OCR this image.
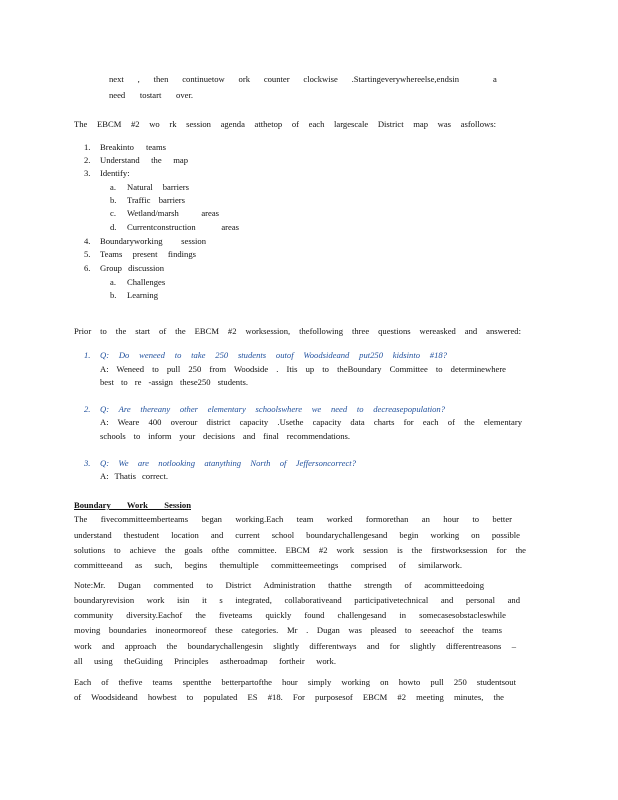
next , then continuetow ork counter clockwise .Startingeverywhereelse,endsin	a
need tostart over.
The EBCM #2 wo rk session agenda atthetop of each largescale District map was asfollows:
1. Breakinto teams
2. Understand the map
3. Identify:
a. Natural barriers
b. Traffic barriers
c. Wetland/marsh areas
d. Currentconstruction areas
4. Boundaryworking session
5. Teams present findings
6. Group discussion
a. Challenges
b. Learning
Prior to the start of the EBCM #2 worksession, thefollowing three questions wereasked and answered:
1. Q: Do weneed to take 250 students outof Woodsideand put250 kidsinto #18?
A: Weneed to pull 250 from Woodside . Itis up to theBoundary Committee to determinewhere
best to re -assign these250 students.
2. Q: Are thereany other elementary schoolswhere we need to decreasepopulation?
A: Weare 400 overour district capacity .Usethe capacity data charts for each of the elementary
schools to inform your decisions and final recommendations.
3. Q: We are notlooking atanything North of Jeffersoncorrect?
A: Thatis correct.
Boundary Work Session
The fivecommitteemberteams began working.Each team worked formorethan an hour to better
understand thestudent location and current school boundarychallengesand begin working on possible
solutions to achieve the goals ofthe committee. EBCM #2 work session is the firstworksession for the
committeeand as such, begins themultiple committeemeetings comprised of similarwork.
Note:Mr. Dugan commented to District Administration thatthe strength of acommitteedoing
boundaryrevision work isin it s integrated, collaborativeand participativetechnical and personal and
community diversity.Eachof the fiveteams quickly found challengesand in somecasesobstacleswhile
moving boundaries inoneormoreof these categories. Mr . Dugan was pleased to seeeachof the teams
work and approach the boundarychallengesin slightly differentways and for slightly differentreasons –
all using theGuiding Principles astheroadmap fortheir work.
Each of thefive teams spentthe betterpartofthe hour simply working on howto pull 250 studentsout
of Woodsideand howbest to populated ES #18. For purposesof EBCM #2 meeting minutes, the
